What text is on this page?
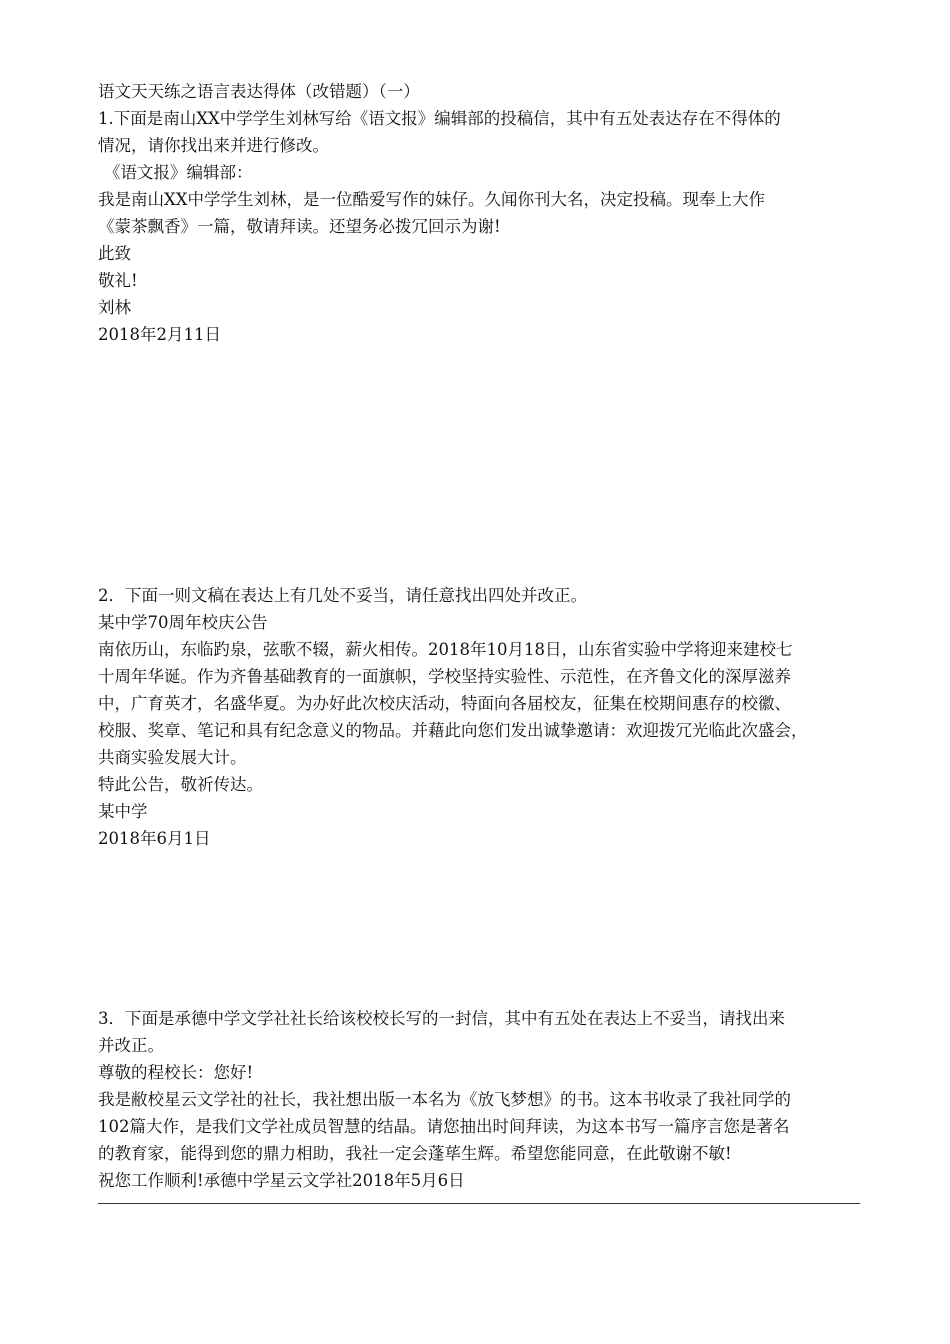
语文天天练之语言表达得体（改错题）（一）
1.下面是南山XX中学学生刘林写给《语文报》编辑部的投稿信，其中有五处表达存在不得体的
情况，请你找出来并进行修改。
《语文报》编辑部：
我是南山XX中学学生刘林，是一位酷爱写作的妹仔。久闻你刊大名，决定投稿。现奉上大作
《蒙茶飘香》一篇，敬请拜读。还望务必拨冗回示为谢!
此致
敬礼!
刘林
2018年2月11日
2．下面一则文稿在表达上有几处不妥当，请任意找出四处并改正。
某中学70周年校庆公告
南依历山，东临趵泉，弦歌不辍，薪火相传。2018年10月18日，山东省实验中学将迎来建校七
十周年华诞。作为齐鲁基础教育的一面旗帜，学校坚持实验性、示范性，在齐鲁文化的深厚滋养
中，广育英才，名盛华夏。为办好此次校庆活动，特面向各届校友，征集在校期间惠存的校徽、
校服、奖章、笔记和具有纪念意义的物品。并藉此向您们发出诚挚邀请：欢迎拨冗光临此次盛会，
共商实验发展大计。
特此公告，敬祈传达。
某中学
2018年6月1日
3．下面是承德中学文学社社长给该校校长写的一封信，其中有五处在表达上不妥当，请找出来
并改正。
尊敬的程校长：您好!
我是敝校星云文学社的社长，我社想出版一本名为《放飞梦想》的书。这本书收录了我社同学的
102篇大作，是我们文学社成员智慧的结晶。请您抽出时间拜读，为这本书写一篇序言您是著名
的教育家，能得到您的鼎力相助，我社一定会蓬荜生辉。希望您能同意，在此敬谢不敏!
祝您工作顺利!承德中学星云文学社2018年5月6日
